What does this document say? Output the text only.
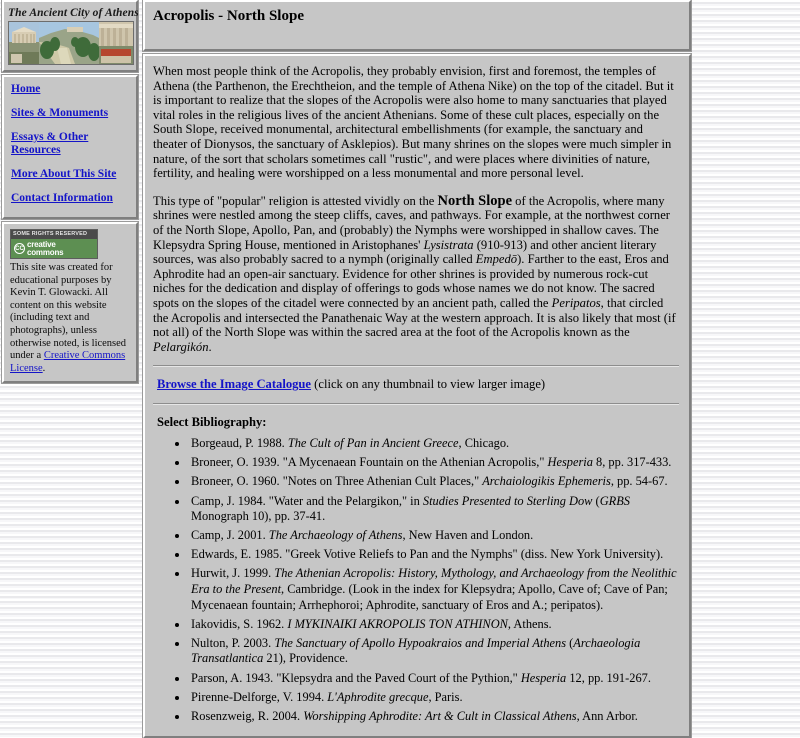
The Ancient City of Athens
Home
Sites & Monuments
Essays & Other Resources
More About This Site
Contact Information
SOME RIGHTS RESERVED
CC creative
commons
This site was created for educational purposes by Kevin T. Glowacki. All content on this website (including text and photographs), unless otherwise noted, is licensed under a Creative Commons License.
Acropolis - North Slope

When most people think of the Acropolis, they probably envision, first and foremost, the temples of Athena (the Parthenon, the Erechtheion, and the temple of Athena Nike) on the top of the citadel. But it is important to realize that the slopes of the Acropolis were also home to many sanctuaries that played vital roles in the religious lives of the ancient Athenians. Some of these cult places, especially on the South Slope, received monumental, architectural embellishments (for example, the sanctuary and theater of Dionysos, the sanctuary of Asklepios). But many shrines on the slopes were much simpler in nature, of the sort that scholars sometimes call "rustic", and were places where divinities of nature, fertility, and healing were worshipped on a less monumental and more personal level.

This type of "popular" religion is attested vividly on the North Slope of the Acropolis, where many shrines were nestled among the steep cliffs, caves, and pathways. For example, at the northwest corner of the North Slope, Apollo, Pan, and (probably) the Nymphs were worshipped in shallow caves. The Klepsydra Spring House, mentioned in Aristophanes' Lysistrata (910-913) and other ancient literary sources, was also probably sacred to a nymph (originally called Empedō). Farther to the east, Eros and Aphrodite had an open-air sanctuary. Evidence for other shrines is provided by numerous rock-cut niches for the dedication and display of offerings to gods whose names we do not know. The sacred spots on the slopes of the citadel were connected by an ancient path, called the Peripatos, that circled the Acropolis and intersected the Panathenaic Way at the western approach. It is also likely that most (if not all) of the North Slope was within the sacred area at the foot of the Acropolis known as the Pelargikón.

Browse the Image Catalogue (click on any thumbnail to view larger image)
Select Bibliography:
• Borgeaud, P. 1988. The Cult of Pan in Ancient Greece, Chicago.
• Broneer, O. 1939. "A Mycenaean Fountain on the Athenian Acropolis," Hesperia 8, pp. 317-433.
• Broneer, O. 1960. "Notes on Three Athenian Cult Places," Archaiologikis Ephemeris, pp. 54-67.
• Camp, J. 1984. "Water and the Pelargikon," in Studies Presented to Sterling Dow (GRBS Monograph 10), pp. 37-41.
• Camp, J. 2001. The Archaeology of Athens, New Haven and London.
• Edwards, E. 1985. "Greek Votive Reliefs to Pan and the Nymphs" (diss. New York University).
• Hurwit, J. 1999. The Athenian Acropolis: History, Mythology, and Archaeology from the Neolithic Era to the Present, Cambridge. (Look in the index for Klepsydra; Apollo, Cave of; Cave of Pan; Mycenaean fountain; Arrhephoroi; Aphrodite, sanctuary of Eros and A.; peripatos).
• Iakovidis, S. 1962. I MYKINAIKI AKROPOLIS TON ATHINON, Athens.
• Nulton, P. 2003. The Sanctuary of Apollo Hypoakraios and Imperial Athens (Archaeologia Transatlantica 21), Providence.
• Parson, A. 1943. "Klepsydra and the Paved Court of the Pythion," Hesperia 12, pp. 191-267.
• Pirenne-Delforge, V. 1994. L'Aphrodite grecque, Paris.
• Rosenzweig, R. 2004. Worshipping Aphrodite: Art & Cult in Classical Athens, Ann Arbor.
